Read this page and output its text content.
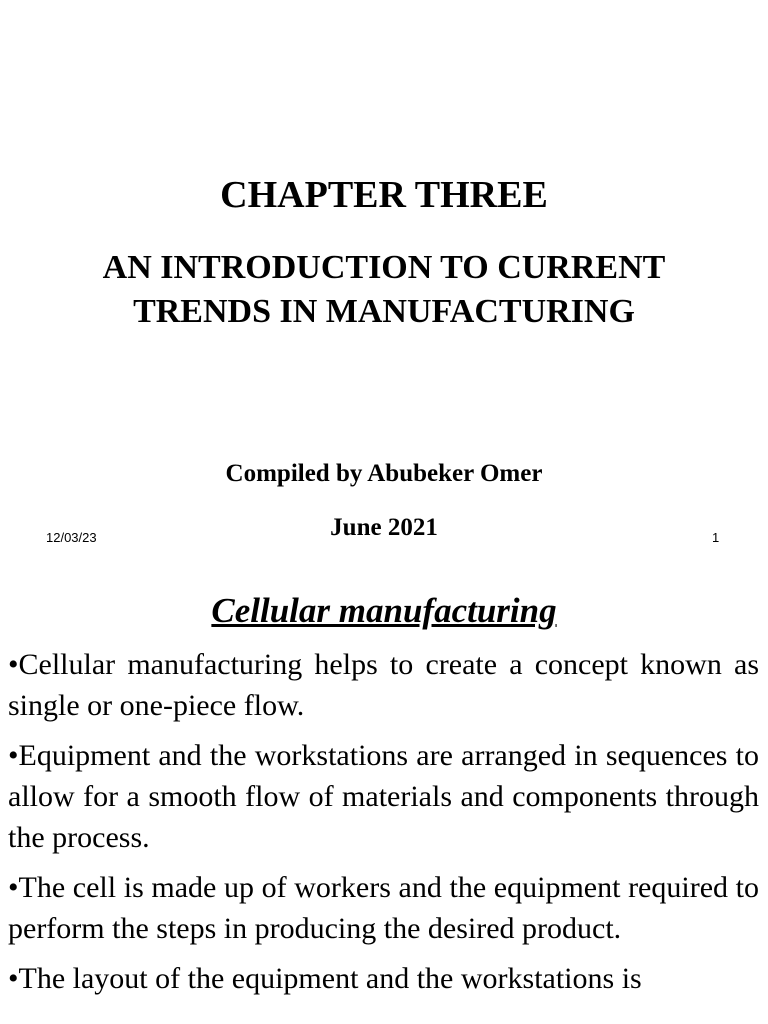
CHAPTER THREE
AN INTRODUCTION TO CURRENT
TRENDS IN MANUFACTURING
Compiled by Abubeker Omer
June 2021
12/03/23	1
Cellular manufacturing
•Cellular manufacturing helps to create a concept known as single or one-piece flow.
•Equipment and the workstations are arranged in sequences to allow for a smooth flow of materials and components through the process.
•The cell is made up of workers and the equipment required to perform the steps in producing the desired product.
•The layout of the equipment and the workstations is
